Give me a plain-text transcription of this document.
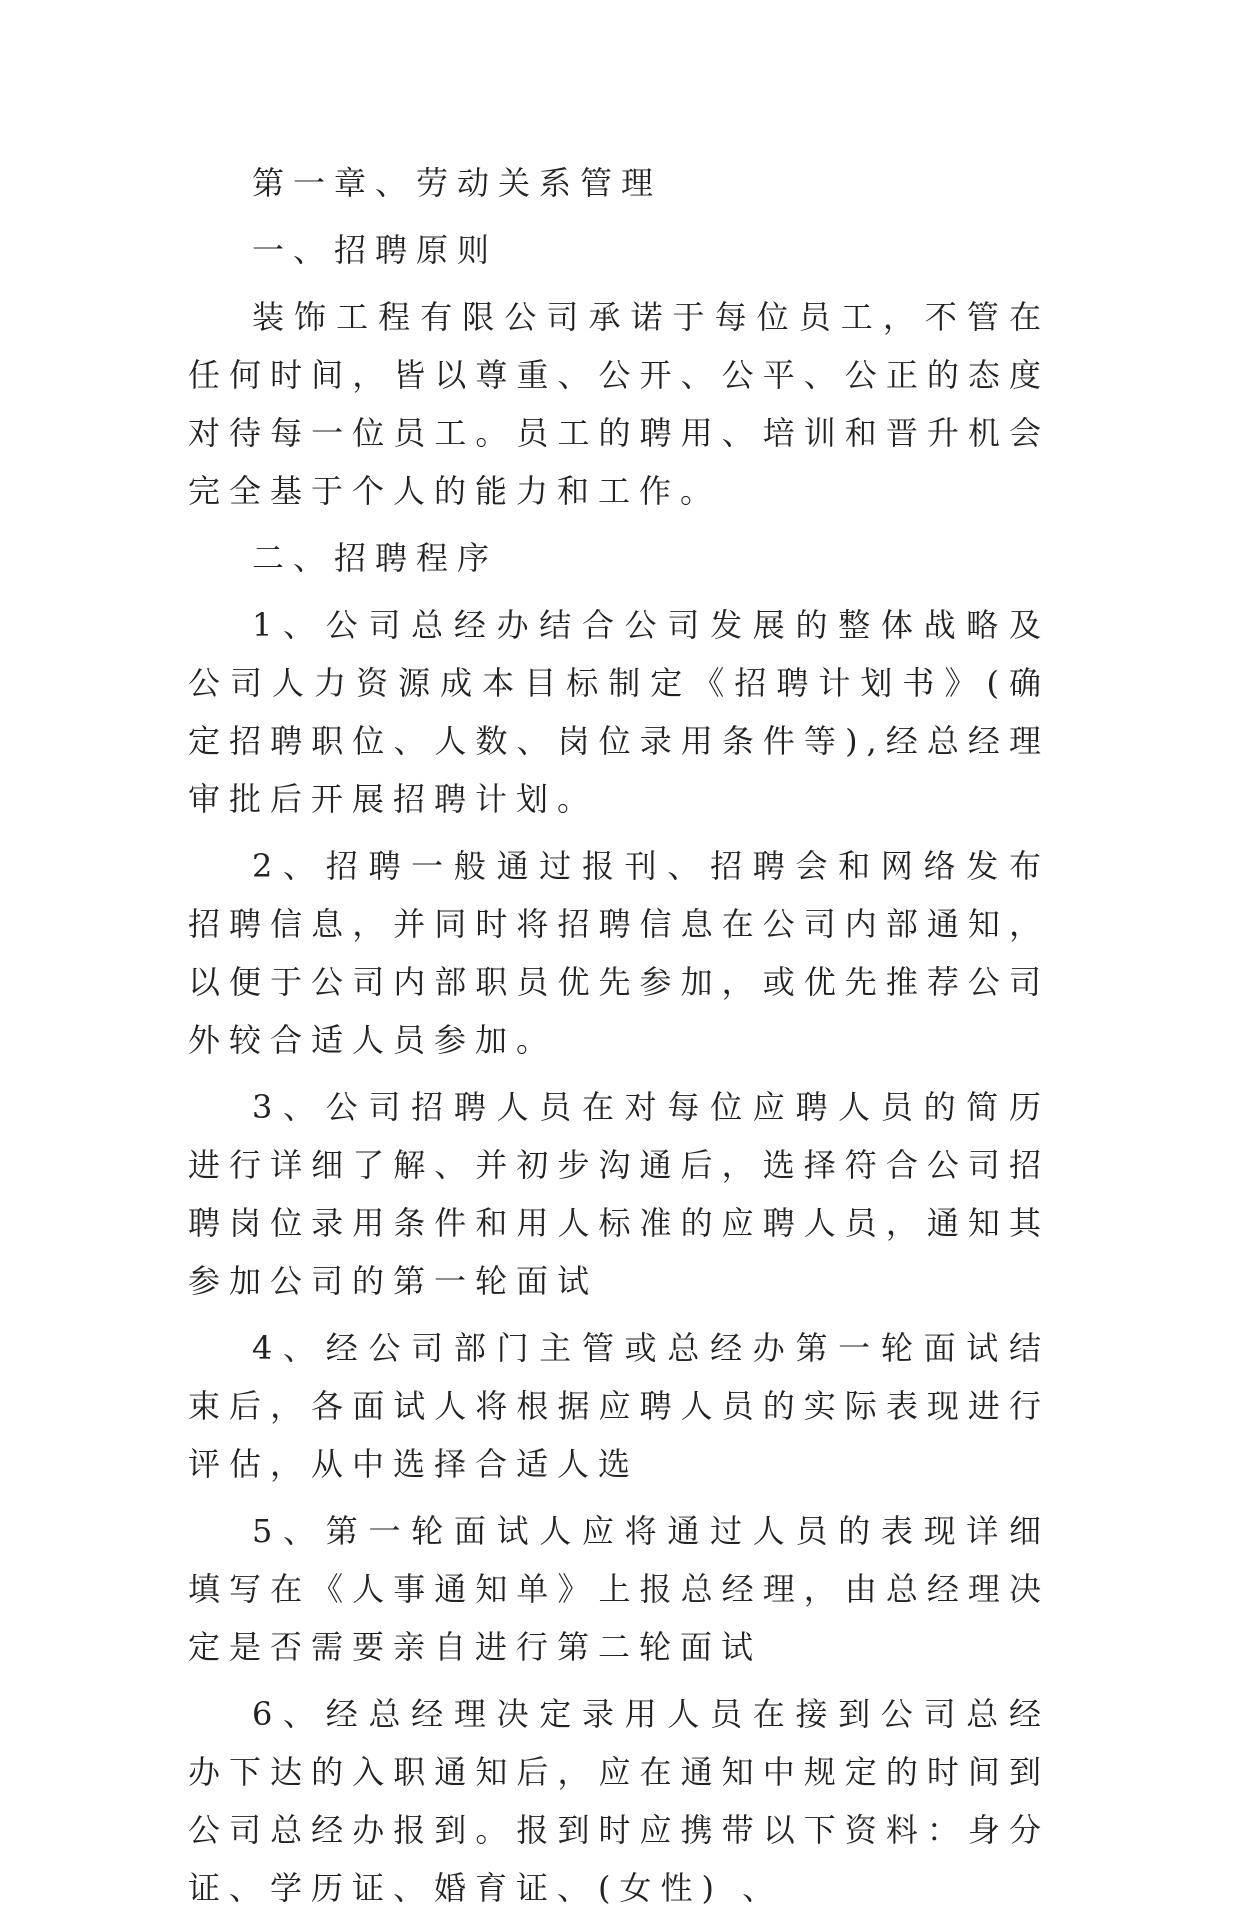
第一章、劳动关系管理

一、招聘原则

装饰工程有限公司承诺于每位员工，不管在任何时间，皆以尊重、公开、公平、公正的态度对待每一位员工。员工的聘用、培训和晋升机会完全基于个人的能力和工作。

二、招聘程序

1、公司总经办结合公司发展的整体战略及公司人力资源成本目标制定《招聘计划书》(确定招聘职位、人数、岗位录用条件等),经总经理审批后开展招聘计划。

2、招聘一般通过报刊、招聘会和网络发布招聘信息，并同时将招聘信息在公司内部通知，以便于公司内部职员优先参加，或优先推荐公司外较合适人员参加。

3、公司招聘人员在对每位应聘人员的简历进行详细了解、并初步沟通后，选择符合公司招聘岗位录用条件和用人标准的应聘人员，通知其参加公司的第一轮面试

4、经公司部门主管或总经办第一轮面试结束后，各面试人将根据应聘人员的实际表现进行评估，从中选择合适人选

5、第一轮面试人应将通过人员的表现详细填写在《人事通知单》上报总经理，由总经理决定是否需要亲自进行第二轮面试

6、经总经理决定录用人员在接到公司总经办下达的入职通知后，应在通知中规定的时间到公司总经办报到。报到时应携带以下资料：身分证、学历证、婚育证、(女性) 、
